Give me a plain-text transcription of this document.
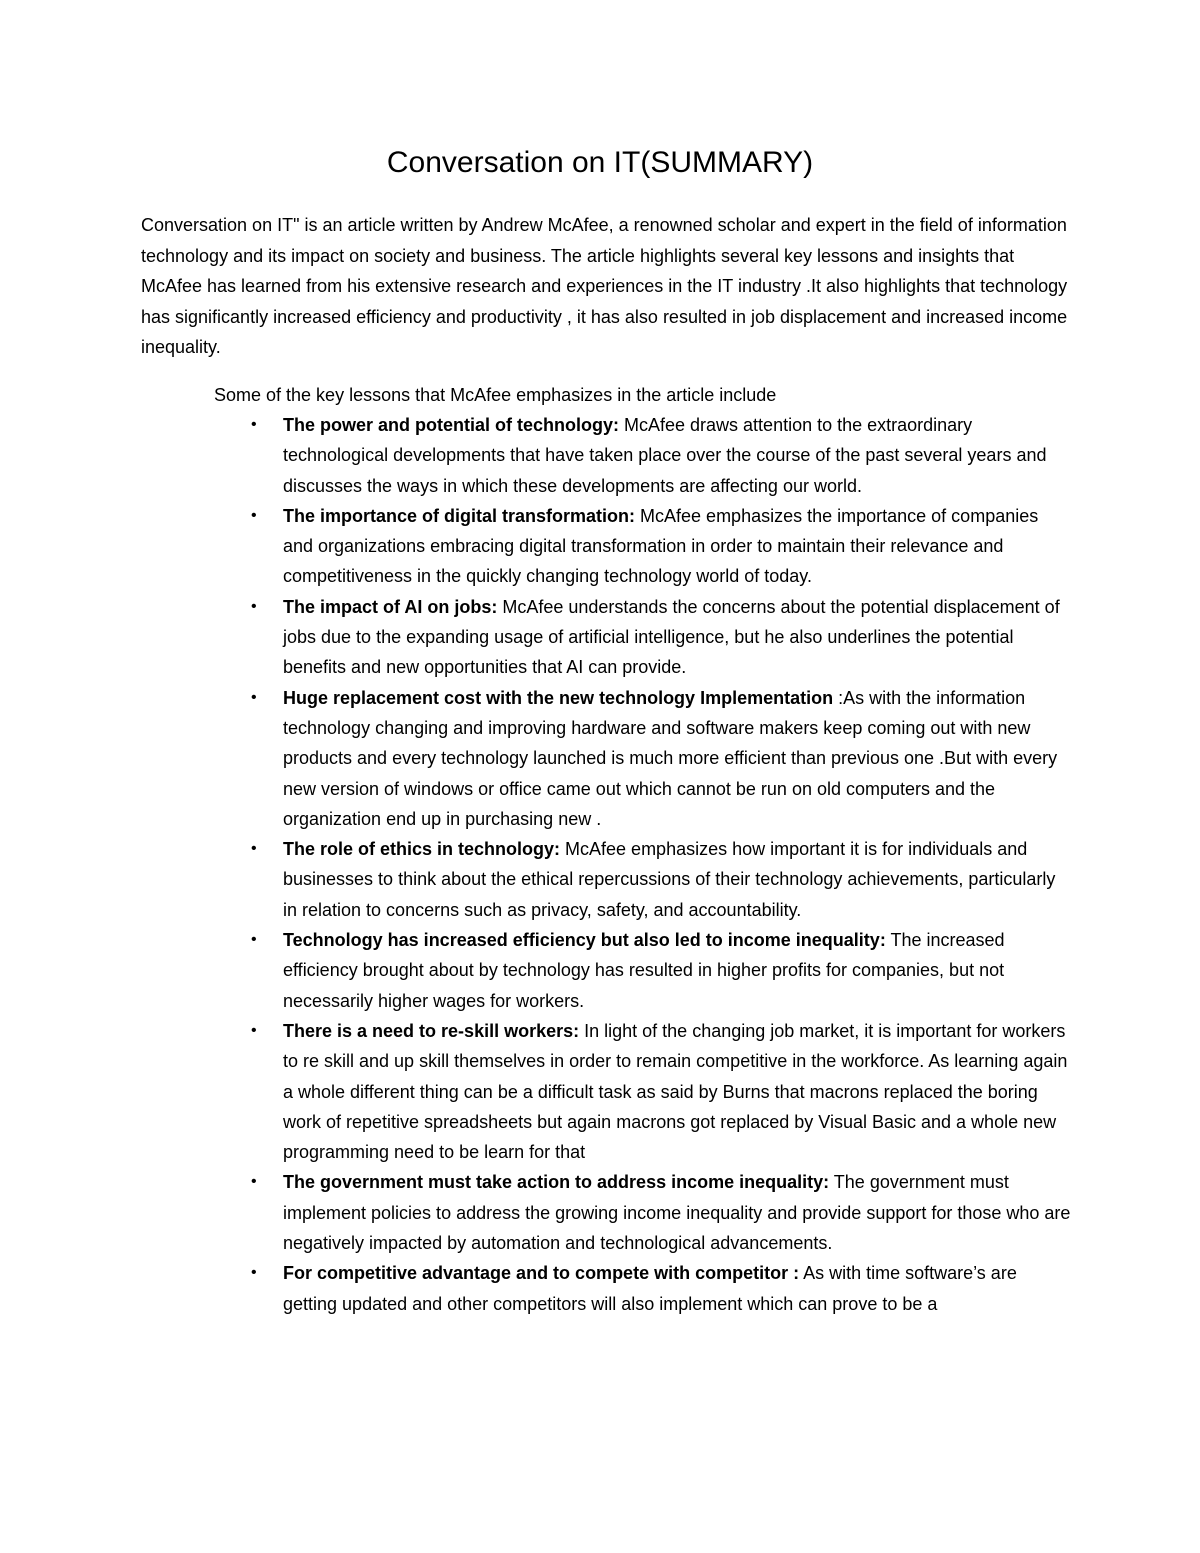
Conversation on IT(SUMMARY)

Conversation on IT" is an article written by Andrew McAfee, a renowned scholar and expert in the field of information technology and its impact on society and business. The article highlights several key lessons and insights that McAfee has learned from his extensive research and experiences in the IT industry .It also highlights that technology has significantly increased efficiency and productivity , it has also resulted in job displacement and increased income inequality.

Some of the key lessons that McAfee emphasizes in the article include

•	The power and potential of technology: McAfee draws attention to the extraordinary technological developments that have taken place over the course of the past several years and discusses the ways in which these developments are affecting our world.
•	The importance of digital transformation: McAfee emphasizes the importance of companies and organizations embracing digital transformation in order to maintain their relevance and competitiveness in the quickly changing technology world of today.
•	The impact of AI on jobs: McAfee understands the concerns about the potential displacement of jobs due to the expanding usage of artificial intelligence, but he also underlines the potential benefits and new opportunities that AI can provide.
•	Huge replacement cost with the new technology Implementation :As with the information technology changing and improving hardware and software makers keep coming out with new products and every technology launched is much more efficient than previous one .But with every new version of windows or office came out which cannot be run on old computers and the organization end up in purchasing new .
•	The role of ethics in technology: McAfee emphasizes how important it is for individuals and businesses to think about the ethical repercussions of their technology achievements, particularly in relation to concerns such as privacy, safety, and accountability.
•	Technology has increased efficiency but also led to income inequality: The increased efficiency brought about by technology has resulted in higher profits for companies, but not necessarily higher wages for workers.
•	There is a need to re-skill workers: In light of the changing job market, it is important for workers to re skill and up skill themselves in order to remain competitive in the workforce. As learning again a whole different thing can be a difficult task as said by Burns that macrons replaced the boring work of repetitive spreadsheets but again macrons got replaced by Visual Basic and a whole new programming need to be learn for that
•	The government must take action to address income inequality: The government must implement policies to address the growing income inequality and provide support for those who are negatively impacted by automation and technological advancements.
•	For competitive advantage and to compete with competitor : As with time software’s are getting updated and other competitors will also implement which can prove to be a
